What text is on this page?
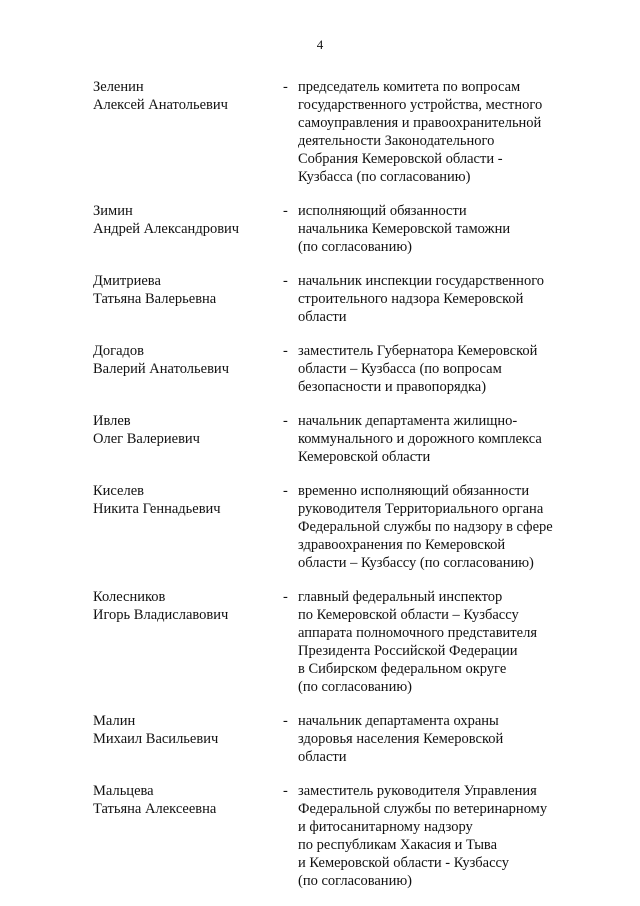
4
Зеленин
Алексей Анатольевич
- председатель комитета по вопросам
государственного устройства, местного
самоуправления и правоохранительной
деятельности Законодательного
Собрания Кемеровской области -
Кузбасса (по согласованию)
Зимин
Андрей Александрович
- исполняющий обязанности
начальника Кемеровской таможни
(по согласованию)
Дмитриева
Татьяна Валерьевна
- начальник инспекции государственного
строительного надзора Кемеровской
области
Догадов
Валерий Анатольевич
- заместитель Губернатора Кемеровской
области – Кузбасса (по вопросам
безопасности и правопорядка)
Ивлев
Олег Валериевич
- начальник департамента жилищно-
коммунального и дорожного комплекса
Кемеровской области
Киселев
Никита Геннадьевич
- временно исполняющий обязанности
руководителя Территориального органа
Федеральной службы по надзору в сфере
здравоохранения по Кемеровской
области – Кузбассу (по согласованию)
Колесников
Игорь Владиславович
- главный федеральный инспектор
по Кемеровской области – Кузбассу
аппарата полномочного представителя
Президента Российской Федерации
в Сибирском федеральном округе
(по согласованию)
Малин
Михаил Васильевич
- начальник департамента охраны
здоровья населения Кемеровской
области
Мальцева
Татьяна Алексеевна
- заместитель руководителя Управления
Федеральной службы по ветеринарному
и фитосанитарному надзору
по республикам Хакасия и Тыва
и Кемеровской области - Кузбассу
(по согласованию)
